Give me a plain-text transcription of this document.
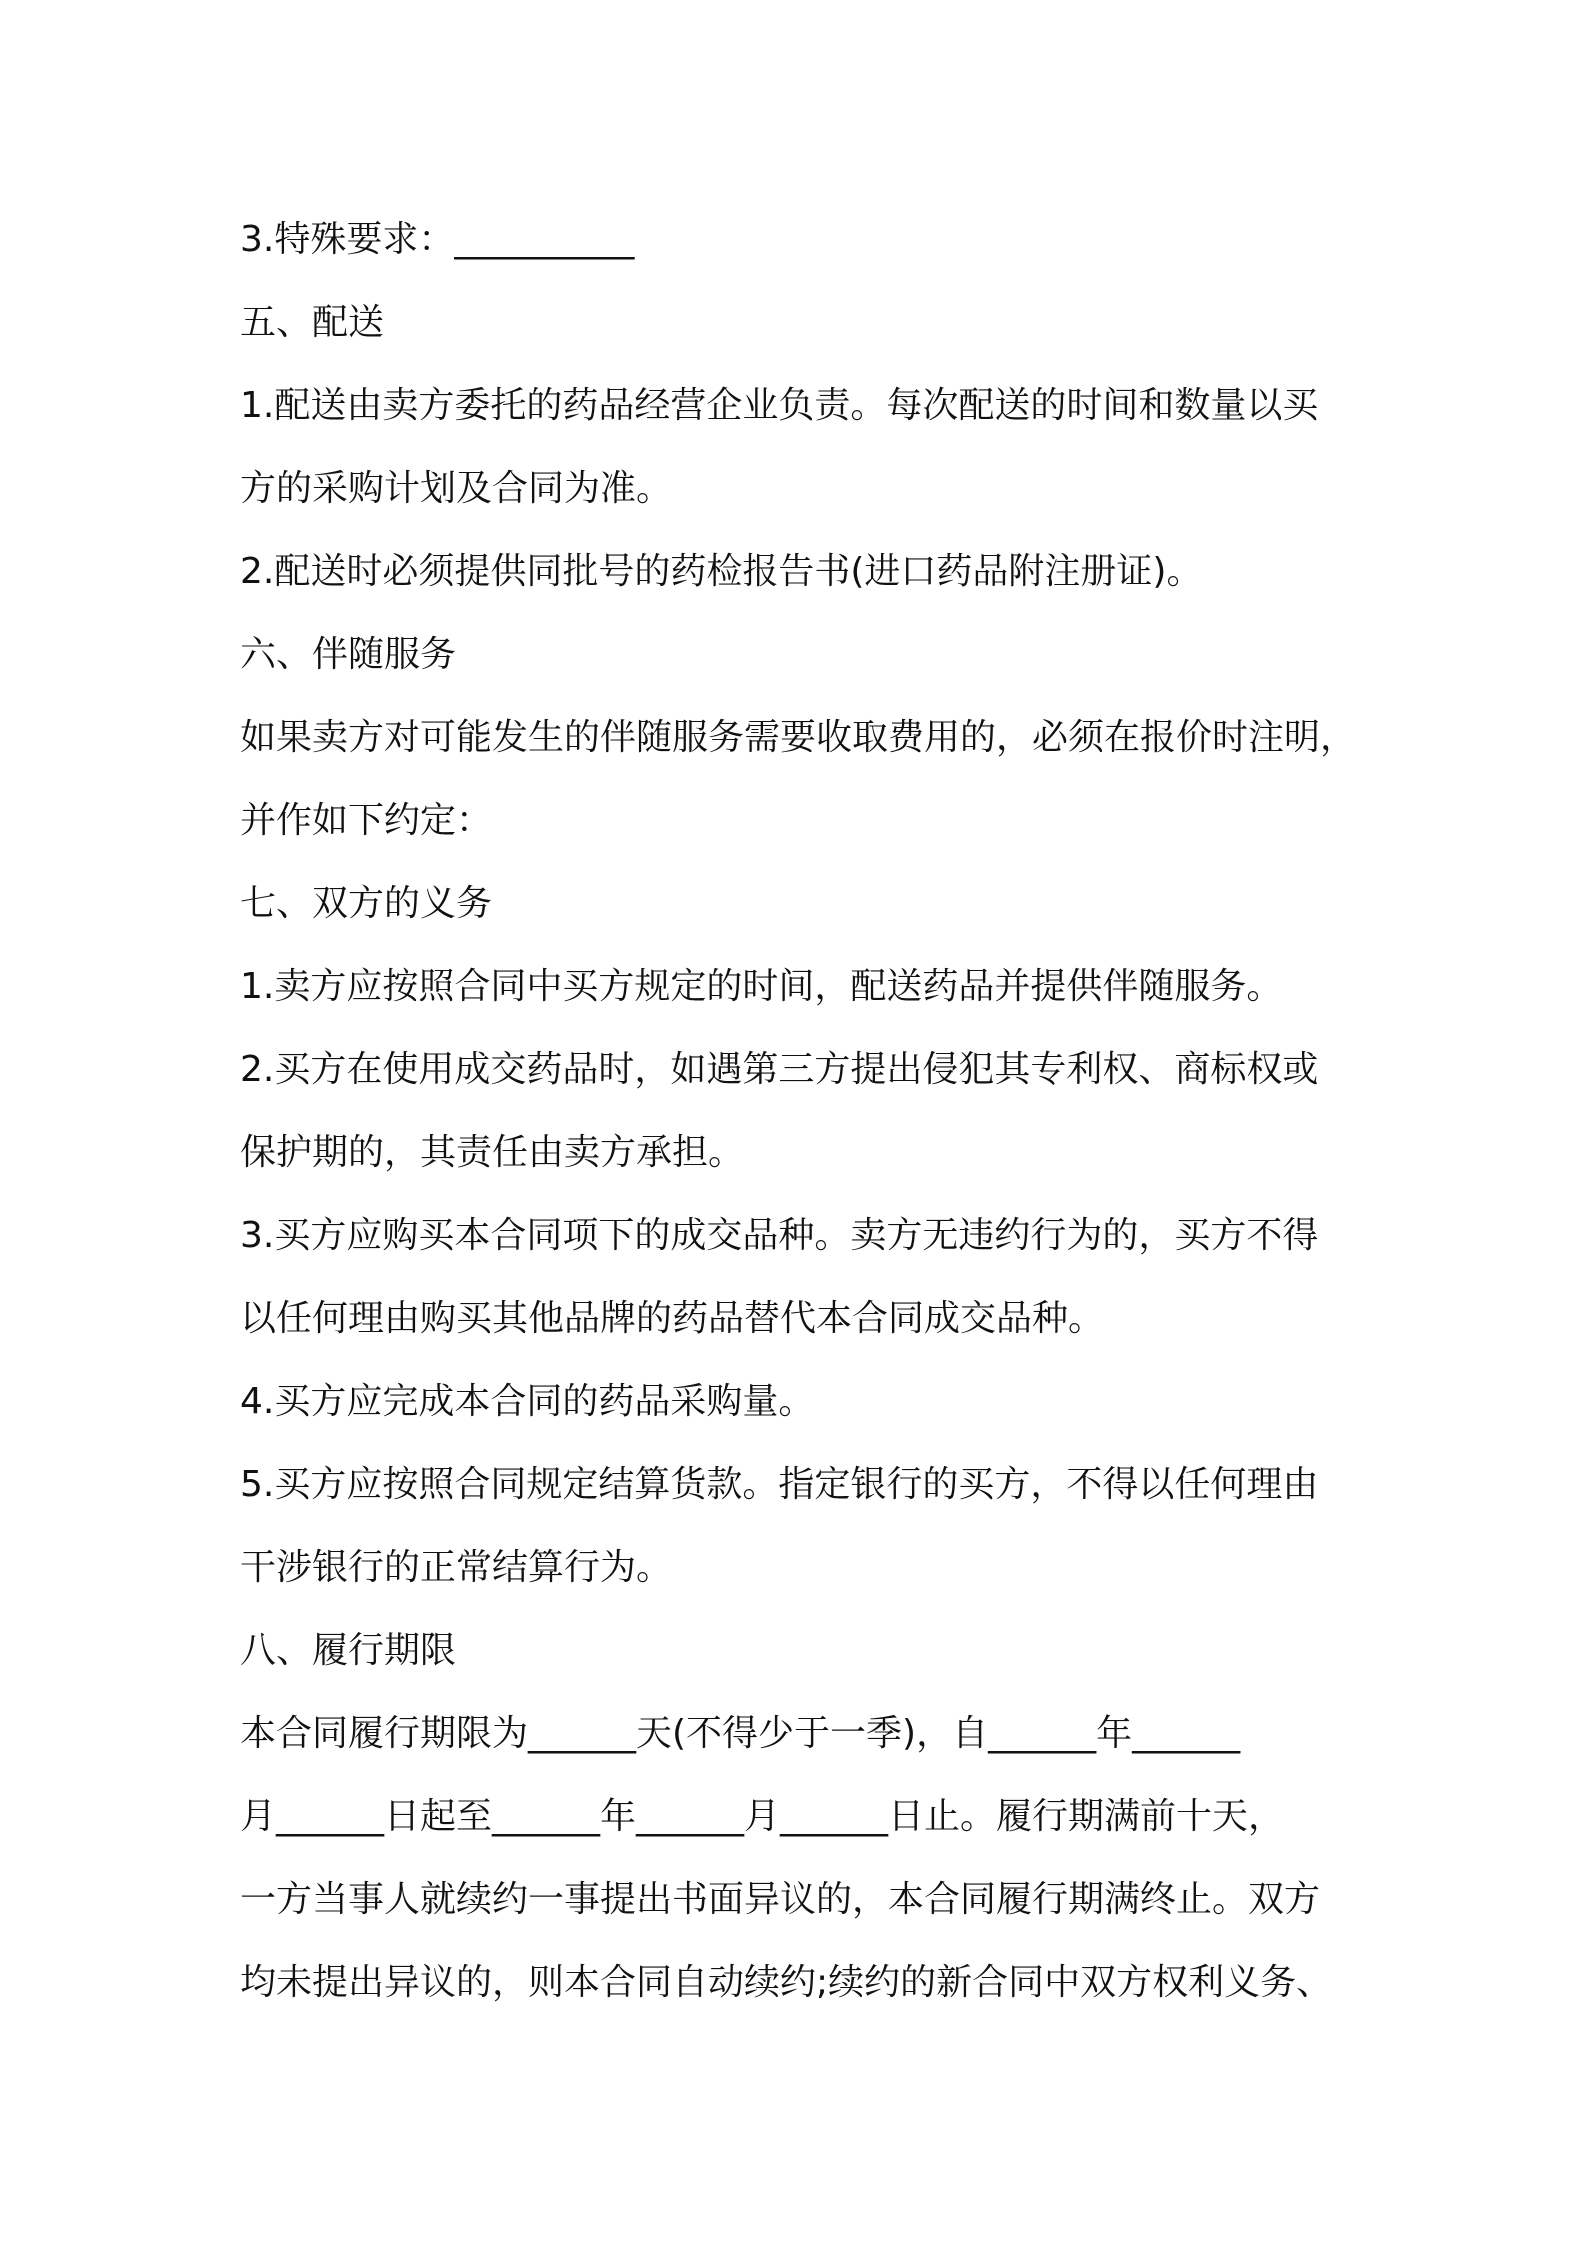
3.特殊要求：__________
五、配送
1.配送由卖方委托的药品经营企业负责。每次配送的时间和数量以买
方的采购计划及合同为准。
2.配送时必须提供同批号的药检报告书(进口药品附注册证)。
六、伴随服务
如果卖方对可能发生的伴随服务需要收取费用的，必须在报价时注明，
并作如下约定：
七、双方的义务
1.卖方应按照合同中买方规定的时间，配送药品并提供伴随服务。
2.买方在使用成交药品时，如遇第三方提出侵犯其专利权、商标权或
保护期的，其责任由卖方承担。
3.买方应购买本合同项下的成交品种。卖方无违约行为的，买方不得
以任何理由购买其他品牌的药品替代本合同成交品种。
4.买方应完成本合同的药品采购量。
5.买方应按照合同规定结算货款。指定银行的买方，不得以任何理由
干涉银行的正常结算行为。
八、履行期限
本合同履行期限为______天(不得少于一季)，自______年______
月______日起至______年______月______日止。履行期满前十天，
一方当事人就续约一事提出书面异议的，本合同履行期满终止。双方
均未提出异议的，则本合同自动续约;续约的新合同中双方权利义务、
